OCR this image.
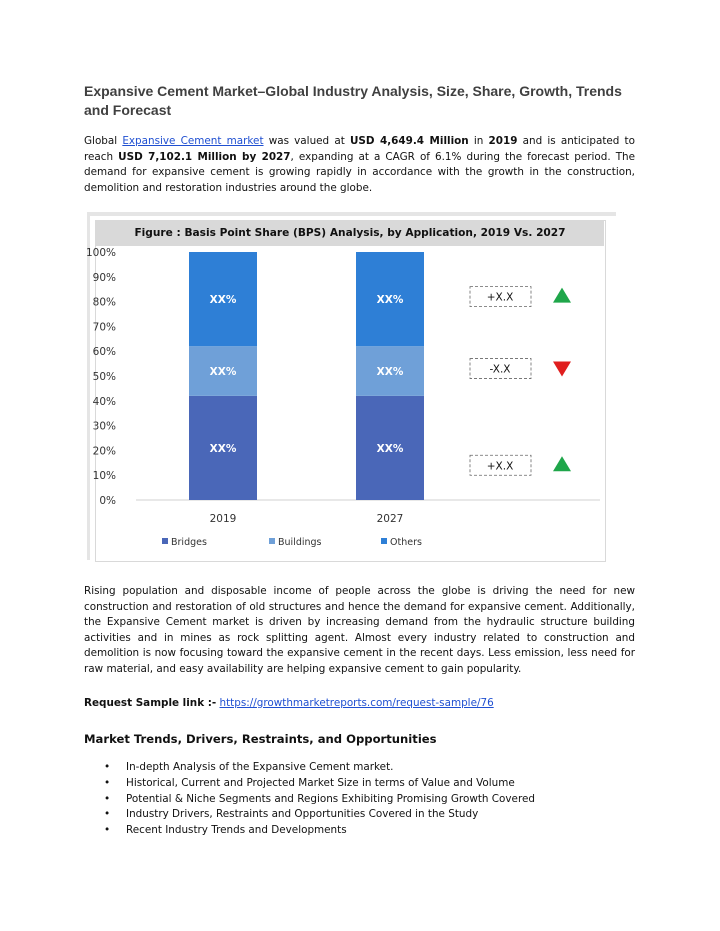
Expansive Cement Market–Global Industry Analysis, Size, Share, Growth, Trends and Forecast
Global Expansive Cement market was valued at USD 4,649.4 Million in 2019 and is anticipated to reach USD 7,102.1 Million by 2027, expanding at a CAGR of 6.1% during the forecast period. The demand for expansive cement is growing rapidly in accordance with the growth in the construction, demolition and restoration industries around the globe.
Figure : Basis Point Share (BPS) Analysis, by Application, 2019 Vs. 2027
0%
10%
20%
30%
40%
50%
60%
70%
80%
90%
100%
XX%
XX%
XX%
2019
XX%
XX%
XX%
2027
+X.X
-X.X
+X.X
Bridges	Buildings	Others
Rising population and disposable income of people across the globe is driving the need for new construction and restoration of old structures and hence the demand for expansive cement. Additionally, the Expansive Cement market is driven by increasing demand from the hydraulic structure building activities and in mines as rock splitting agent. Almost every industry related to construction and demolition is now focusing toward the expansive cement in the recent days. Less emission, less need for raw material, and easy availability are helping expansive cement to gain popularity.
Request Sample link :- https://growthmarketreports.com/request-sample/76
Market Trends, Drivers, Restraints, and Opportunities
• In-depth Analysis of the Expansive Cement market.
• Historical, Current and Projected Market Size in terms of Value and Volume
• Potential & Niche Segments and Regions Exhibiting Promising Growth Covered
• Industry Drivers, Restraints and Opportunities Covered in the Study
• Recent Industry Trends and Developments
